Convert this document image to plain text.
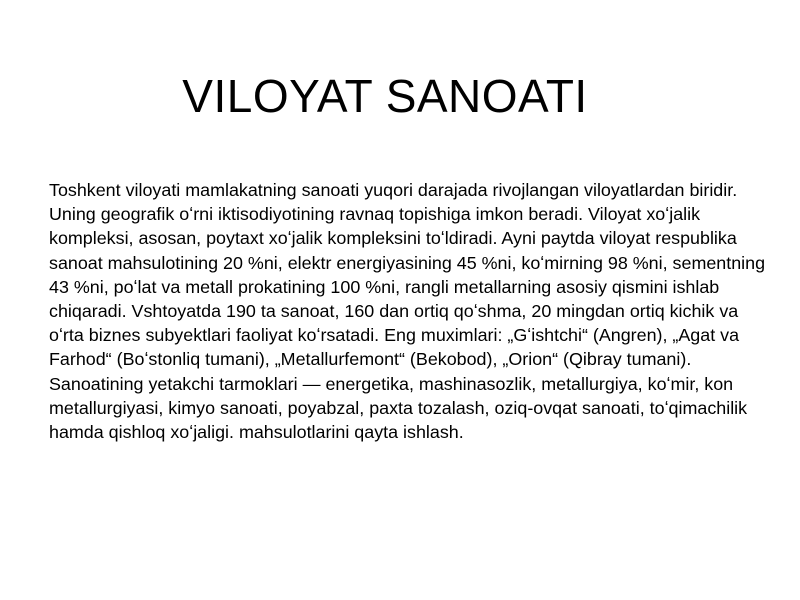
VILOYAT SANOATI

Toshkent viloyati mamlakatning sanoati yuqori darajada rivojlangan viloyatlardan biridir. Uning geografik oʻrni iktisodiyotining ravnaq topishiga imkon beradi. Viloyat xoʻjalik kompleksi, asosan, poytaxt xoʻjalik kompleksini toʻldiradi. Ayni paytda viloyat respublika sanoat mahsulotining 20 %ni, elektr energiyasining 45 %ni, koʻmirning 98 %ni, sementning 43 %ni, poʻlat va metall prokatining 100 %ni, rangli metallarning asosiy qismini ishlab chiqaradi. Vshtoyatda 190 ta sanoat, 160 dan ortiq qoʻshma, 20 mingdan ortiq kichik va oʻrta biznes subyektlari faoliyat koʻrsatadi. Eng muximlari: „Gʻishtchi“ (Angren), „Agat va Farhod“ (Boʻstonliq tumani), „Metallurfemont“ (Bekobod), „Orion“ (Qibray tumani).

Sanoatining yetakchi tarmoklari — energetika, mashinasozlik, metallurgiya, koʻmir, kon metallurgiyasi, kimyo sanoati, poyabzal, paxta tozalash, oziq-ovqat sanoati, toʻqimachilik hamda qishloq xoʻjaligi. mahsulotlarini qayta ishlash.
